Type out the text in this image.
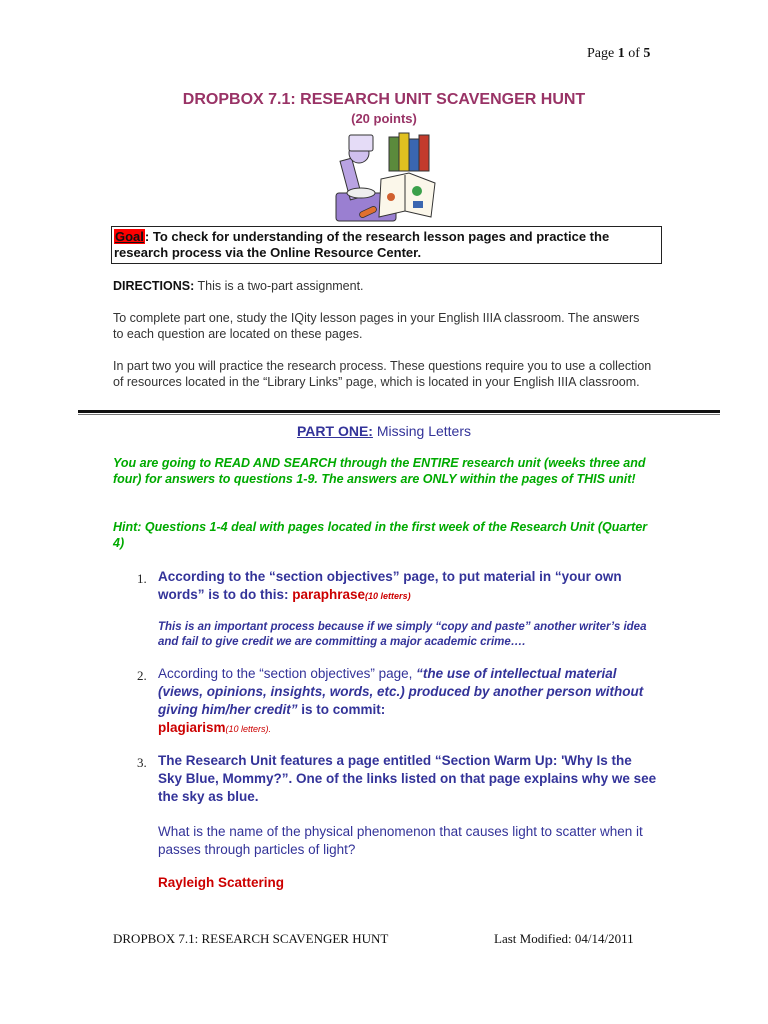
Page 1 of 5
DROPBOX 7.1: RESEARCH UNIT SCAVENGER HUNT
(20 points)
Goal: To check for understanding of the research lesson pages and practice the research process via the Online Resource Center.
DIRECTIONS: This is a two-part assignment.
To complete part one, study the IQity lesson pages in your English IIIA classroom. The answers to each question are located on these pages.
In part two you will practice the research process. These questions require you to use a collection of resources located in the “Library Links” page, which is located in your English IIIA classroom.
PART ONE: Missing Letters
You are going to READ AND SEARCH through the ENTIRE research unit (weeks three and four) for answers to questions 1-9. The answers are ONLY within the pages of THIS unit!
Hint: Questions 1-4 deal with pages located in the first week of the Research Unit (Quarter 4)
1. According to the “section objectives” page, to put material in “your own words” is to do this: paraphrase(10 letters)
This is an important process because if we simply “copy and paste” another writer’s idea and fail to give credit we are committing a major academic crime….
2. According to the “section objectives” page, “the use of intellectual material (views, opinions, insights, words, etc.) produced by another person without giving him/her credit” is to commit:
plagiarism(10 letters).
3. The Research Unit features a page entitled “Section Warm Up: 'Why Is the Sky Blue, Mommy?”. One of the links listed on that page explains why we see the sky as blue.
What is the name of the physical phenomenon that causes light to scatter when it passes through particles of light?
Rayleigh Scattering
DROPBOX 7.1: RESEARCH SCAVENGER HUNT	Last Modified: 04/14/2011
